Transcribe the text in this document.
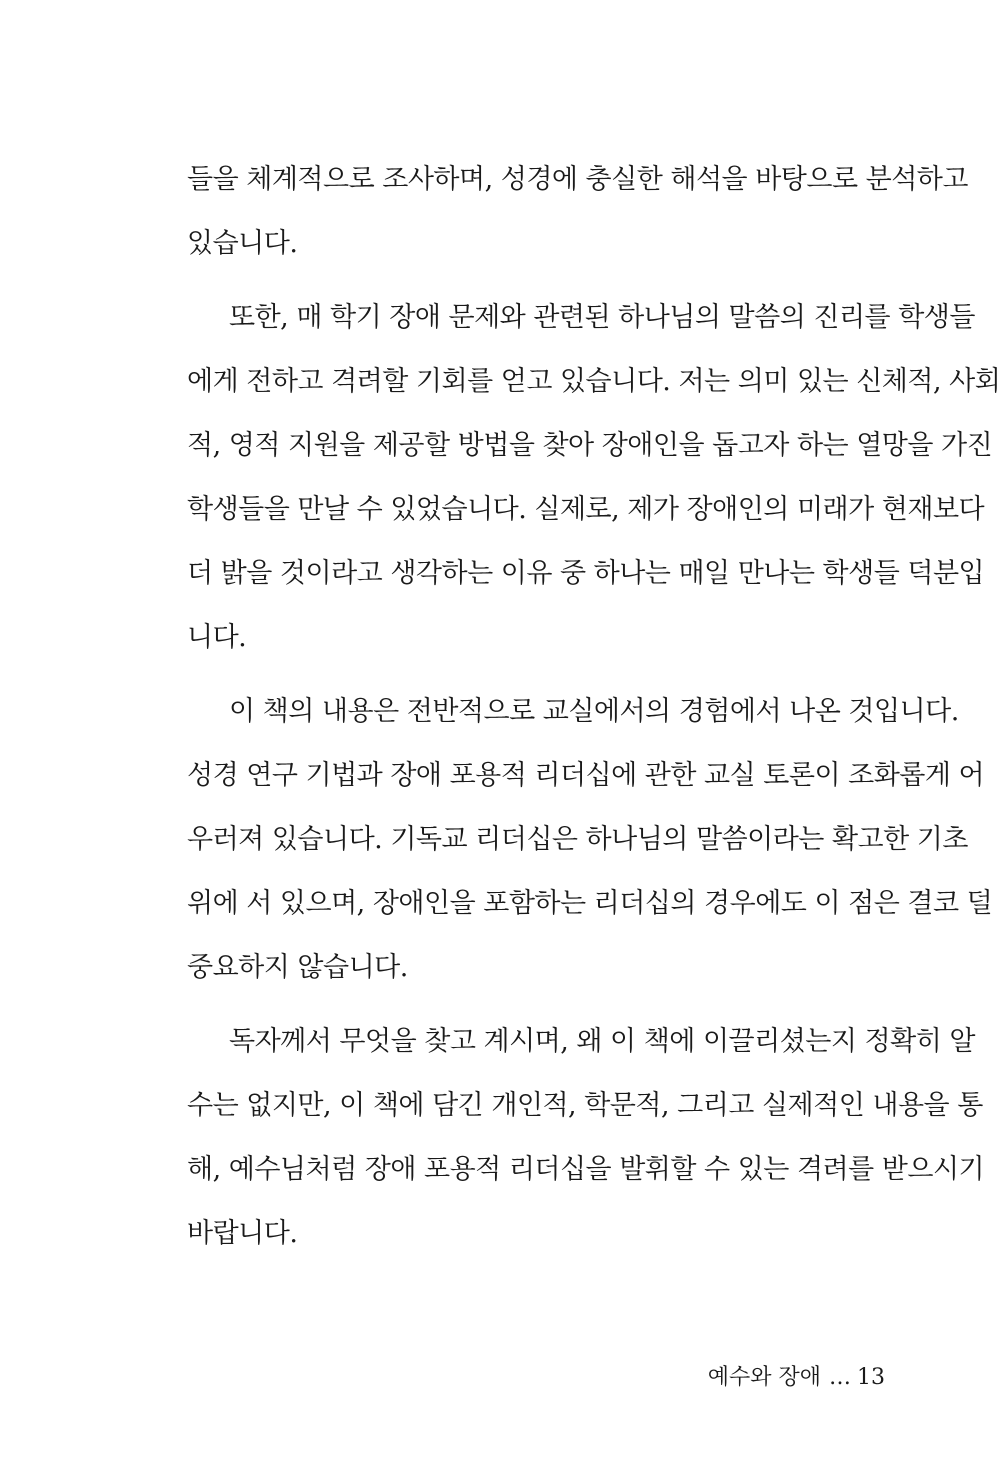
들을 체계적으로 조사하며, 성경에 충실한 해석을 바탕으로 분석하고
있습니다.
또한, 매 학기 장애 문제와 관련된 하나님의 말씀의 진리를 학생들
에게 전하고 격려할 기회를 얻고 있습니다. 저는 의미 있는 신체적, 사회
적, 영적 지원을 제공할 방법을 찾아 장애인을 돕고자 하는 열망을 가진
학생들을 만날 수 있었습니다. 실제로, 제가 장애인의 미래가 현재보다
더 밝을 것이라고 생각하는 이유 중 하나는 매일 만나는 학생들 덕분입
니다.
이 책의 내용은 전반적으로 교실에서의 경험에서 나온 것입니다.
성경 연구 기법과 장애 포용적 리더십에 관한 교실 토론이 조화롭게 어
우러져 있습니다. 기독교 리더십은 하나님의 말씀이라는 확고한 기초
위에 서 있으며, 장애인을 포함하는 리더십의 경우에도 이 점은 결코 덜
중요하지 않습니다.
독자께서 무엇을 찾고 계시며, 왜 이 책에 이끌리셨는지 정확히 알
수는 없지만, 이 책에 담긴 개인적, 학문적, 그리고 실제적인 내용을 통
해, 예수님처럼 장애 포용적 리더십을 발휘할 수 있는 격려를 받으시기
바랍니다.
예수와 장애 … 13
